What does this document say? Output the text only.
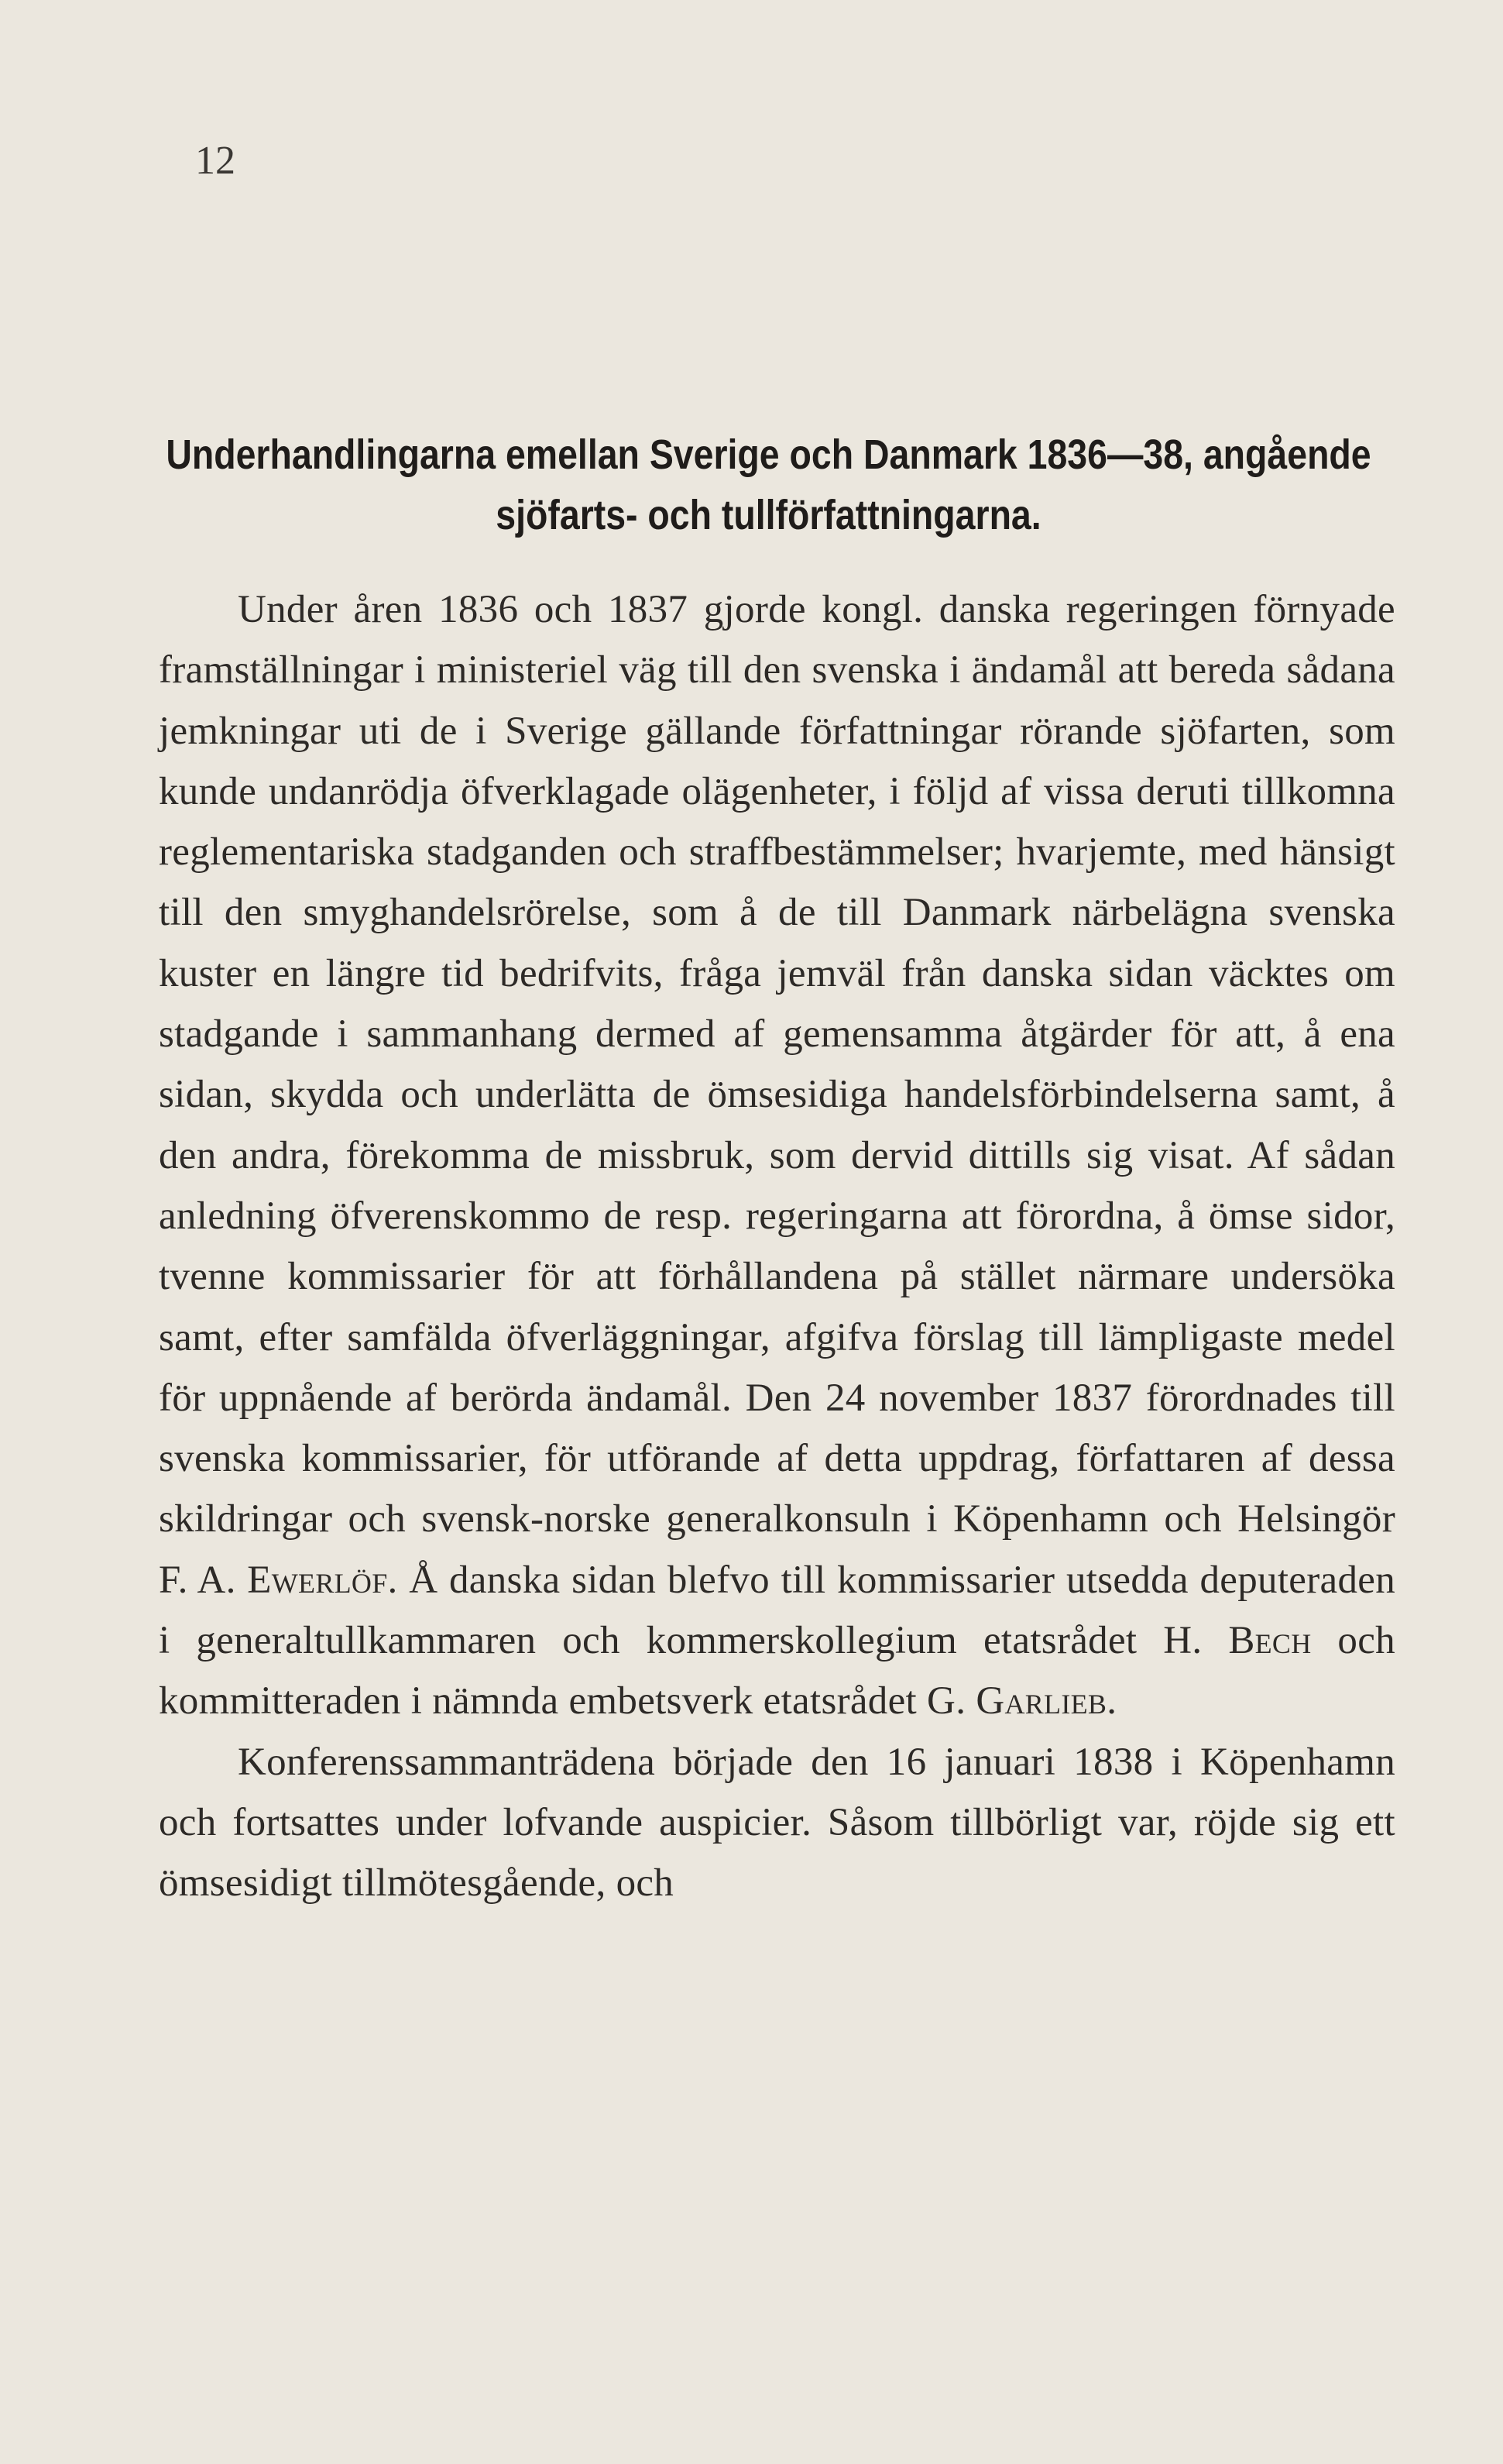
12
Underhandlingarna emellan Sverige och Danmark 1836—38, angående sjöfarts- och tullförfattningarna.

Under åren 1836 och 1837 gjorde kongl. danska regeringen förnyade framställningar i ministeriel väg till den svenska i ändamål att bereda sådana jemkningar uti de i Sverige gällande författningar rörande sjöfarten, som kunde undanrödja öfverklagade olägenheter, i följd af vissa deruti tillkomna reglementariska stadganden och straffbestämmelser; hvarjemte, med hänsigt till den smyghandelsrörelse, som å de till Danmark närbelägna svenska kuster en längre tid bedrifvits, fråga jemväl från danska sidan väcktes om stadgande i sammanhang dermed af gemensamma åtgärder för att, å ena sidan, skydda och underlätta de ömsesidiga handelsförbindelserna samt, å den andra, förekomma de missbruk, som dervid dittills sig visat. Af sådan anledning öfverenskommo de resp. regeringarna att förordna, å ömse sidor, tvenne kommissarier för att förhållandena på stället närmare undersöka samt, efter samfälda öfverläggningar, afgifva förslag till lämpligaste medel för uppnående af berörda ändamål. Den 24 november 1837 förordnades till svenska kommissarier, för utförande af detta uppdrag, författaren af dessa skildringar och svensk-norske generalkonsuln i Köpenhamn och Helsingör F. A. Ewerlöf. Å danska sidan blefvo till kommissarier utsedda deputeraden i generaltullkammaren och kommerskollegium etatsrådet H. Bech och kommitteraden i nämnda embetsverk etatsrådet G. Garlieb.

Konferenssammanträdena började den 16 januari 1838 i Köpenhamn och fortsattes under lofvande auspicier. Såsom tillbörligt var, röjde sig ett ömsesidigt tillmötesgående, och
